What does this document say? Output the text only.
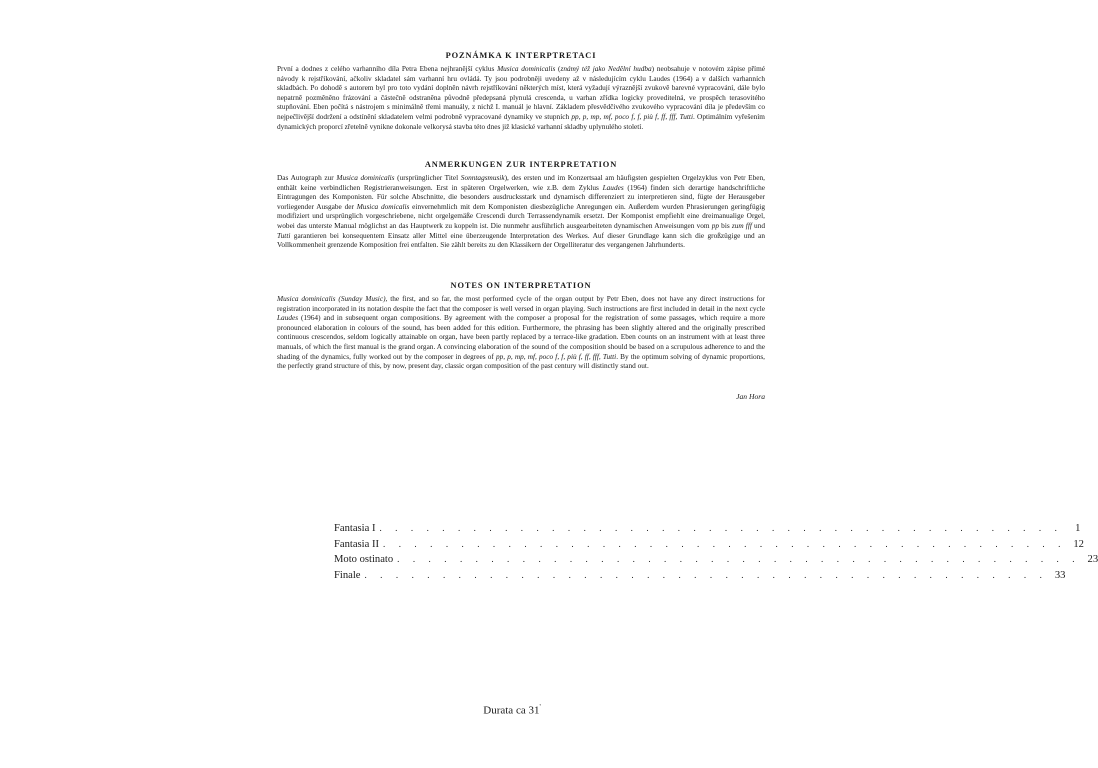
POZNÁMKA K INTERPTRETACI

První a dodnes z celého varhanního díla Petra Ebena nejhranější cyklus Musica dominicalis (známý též jako Nedělní hudba) neobsahuje v notovém zápise přímé návody k rejstříkování, ačkoliv skladatel sám varhanní hru ovládá. Ty jsou podrobněji uvedeny až v následujícím cyklu Laudes (1964) a v dalších varhanních skladbách. Po dohodě s autorem byl pro toto vydání doplněn návrh rejstříkování některých míst, která vyžadují výraznější zvukově barevné vypracování, dále bylo nepatrně pozměněno frázování a částečně odstraněna původně předepsaná plynulá crescenda, u varhan zřídka logicky proveditelná, ve prospěch terasovitého stupňování. Eben počítá s nástrojem s minimálně třemi manuály, z nichž I. manuál je hlavní. Základem přesvědčivého zvukového vypracování díla je především co nejpečlivější dodržení a odstínění skladatelem velmi podrobně vypracované dynamiky ve stupních pp, p, mp, mf, poco f, f, più f, ff, fff, Tutti. Optimálním vyřešením dynamických proporcí zřetelně vynikne dokonale velkorysá stavba této dnes již klasické varhanní skladby uplynulého století.

ANMERKUNGEN ZUR INTERPRETATION

Das Autograph zur Musica dominicalis (ursprünglicher Titel Sonntagsmusik), des ersten und im Konzertsaal am häufigsten gespielten Orgelzyklus von Petr Eben, enthält keine verbindlichen Registrieranweisungen. Erst in späteren Orgelwerken, wie z.B. dem Zyklus Laudes (1964) finden sich derartige handschriftliche Eintragungen des Komponisten. Für solche Abschnitte, die besonders ausdrucksstark und dynamisch differenziert zu interpretieren sind, fügte der Herausgeber vorliegender Ausgabe der Musica domicalis einvernehmlich mit dem Komponisten diesbezügliche Anregungen ein. Außerdem wurden Phrasierungen geringfügig modifiziert und ursprünglich vorgeschriebene, nicht orgelgemäße Crescendi durch Terrassendynamik ersetzt. Der Komponist empfiehlt eine dreimanualige Orgel, wobei das unterste Manual möglichst an das Hauptwerk zu koppeln ist. Die nunmehr ausführlich ausgearbeiteten dynamischen Anweisungen vom pp bis zum fff und Tutti garantieren bei konsequentem Einsatz aller Mittel eine überzeugende Interpretation des Werkes. Auf dieser Grundlage kann sich die großzügige und an Vollkommenheit grenzende Komposition frei entfalten. Sie zählt bereits zu den Klassikern der Orgelliteratur des vergangenen Jahrhunderts.

NOTES ON INTERPRETATION

Musica dominicalis (Sunday Music), the first, and so far, the most performed cycle of the organ output by Petr Eben, does not have any direct instructions for registration incorporated in its notation despite the fact that the composer is well versed in organ playing. Such instructions are first included in detail in the next cycle Laudes (1964) and in subsequent organ compositions. By agreement with the composer a proposal for the registration of some passages, which require a more pronounced elaboration in colours of the sound, has been added for this edition. Furthermore, the phrasing has been slightly altered and the originally prescribed continuous crescendos, seldom logically attainable on organ, have been partly replaced by a terrace-like gradation. Eben counts on an instrument with at least three manuals, of which the first manual is the grand organ. A convincing elaboration of the sound of the composition should be based on a scrupulous adherence to and the shading of the dynamics, fully worked out by the composer in degrees of pp, p, mp, mf, poco f, f, più f, ff, fff, Tutti. By the optimum solving of dynamic proportions, the perfectly grand structure of this, by now, present day, classic organ composition of the past century will distinctly stand out.

Jan Hora

Fantasia I . . . . . . . . . . . . . . . . . . . . . . . . . . . . . . . . . . . . . . . . . . . .	1
Fantasia II . . . . . . . . . . . . . . . . . . . . . . . . . . . . . . . . . . . . . . . . . . . . 12
Moto ostinato . . . . . . . . . . . . . . . . . . . . . . . . . . . . . . . . . . . . . . . . . . . . 23
Finale . . . . . . . . . . . . . . . . . . . . . . . . . . . . . . . . . . . . . . . . . . . . 33
Durata ca 31'
